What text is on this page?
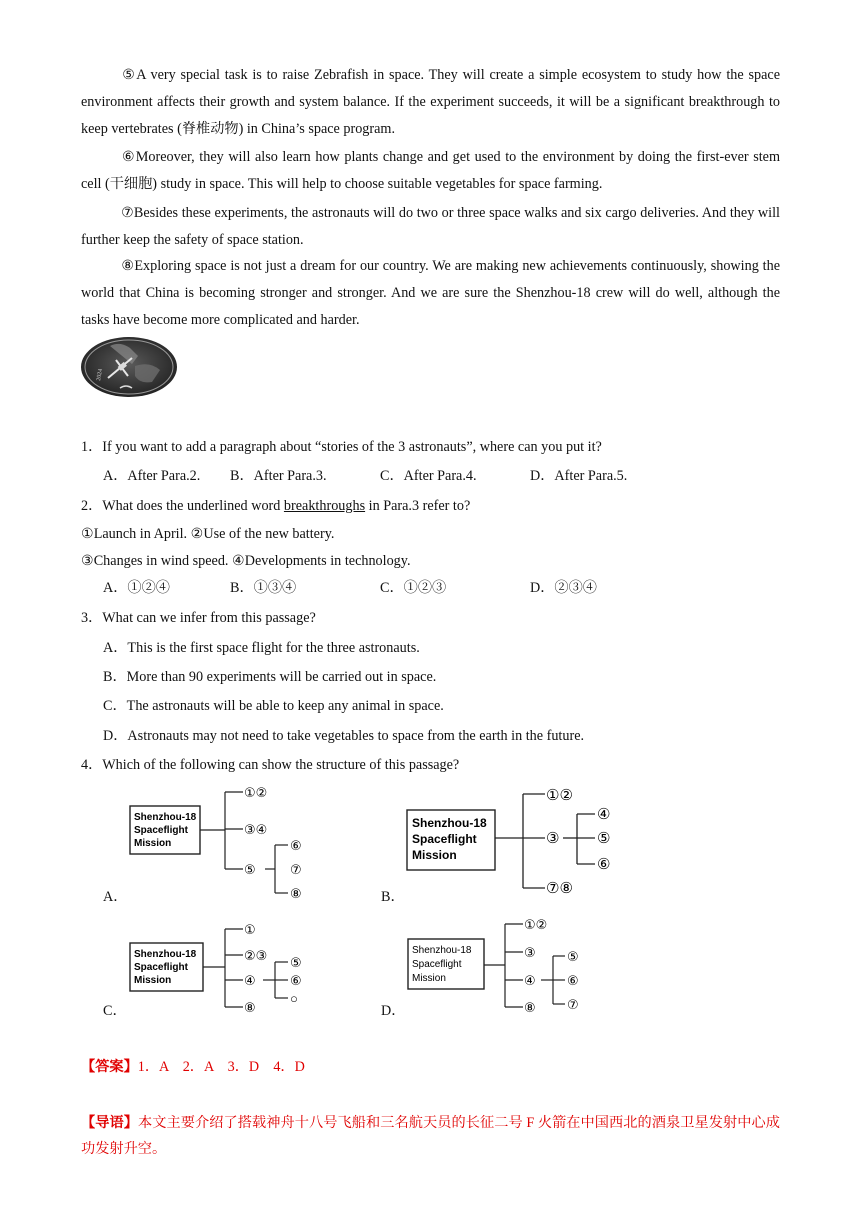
⑤A very special task is to raise Zebrafish in space. They will create a simple ecosystem to study how the space environment affects their growth and system balance. If the experiment succeeds, it will be a significant breakthrough to keep vertebrates (脊椎动物) in China’s space program.

⑥Moreover, they will also learn how plants change and get used to the environment by doing the first-ever stem cell (干细胞) study in space. This will help to choose suitable vegetables for space farming.

⑦Besides these experiments, the astronauts will do two or three space walks and six cargo deliveries. And they will further keep the safety of space station.

⑧Exploring space is not just a dream for our country. We are making new achievements continuously, showing the world that China is becoming stronger and stronger. And we are sure the Shenzhou-18 crew will do well, although the tasks have become more complicated and harder.

2024
1．If you want to add a paragraph about “stories of the 3 astronauts”, where can you put it?
A．After Para.2. B．After Para.3.	C．After Para.4.	D．After Para.5.
2．What does the underlined word breakthroughs in Para.3 refer to?
①Launch in April. ②Use of the new battery.
③Changes in wind speed. ④Developments in technology.
A．①②④	B．①③④	C．①②③	D．②③④
3．What can we infer from this passage?
A．This is the first space flight for the three astronauts.
B．More than 90 experiments will be carried out in space.
C．The astronauts will be able to keep any animal in space.
D．Astronauts may not need to take vegetables to space from the earth in the future.
4．Which of the following can show the structure of this passage?
Shenzhou-18
Spaceflight
Mission
①②
③④
⑤
⑥
⑦
⑧
A．
Shenzhou-18
Spaceflight
Mission
①②
③
⑦⑧
④
⑤
⑥
B．
Shenzhou-18
Spaceflight
Mission
①
②③
④
⑧
⑤
⑥
○
C．
Shenzhou-18
Spaceflight
Mission
①②
③
④
⑧
⑤
⑥
⑦
D．
【答案】1．A　2．A　3．D　4．D
【导语】本文主要介绍了搭载神舟十八号飞船和三名航天员的长征二号 F 火箭在中国西北的酒泉卫星发射中心成功发射升空。
